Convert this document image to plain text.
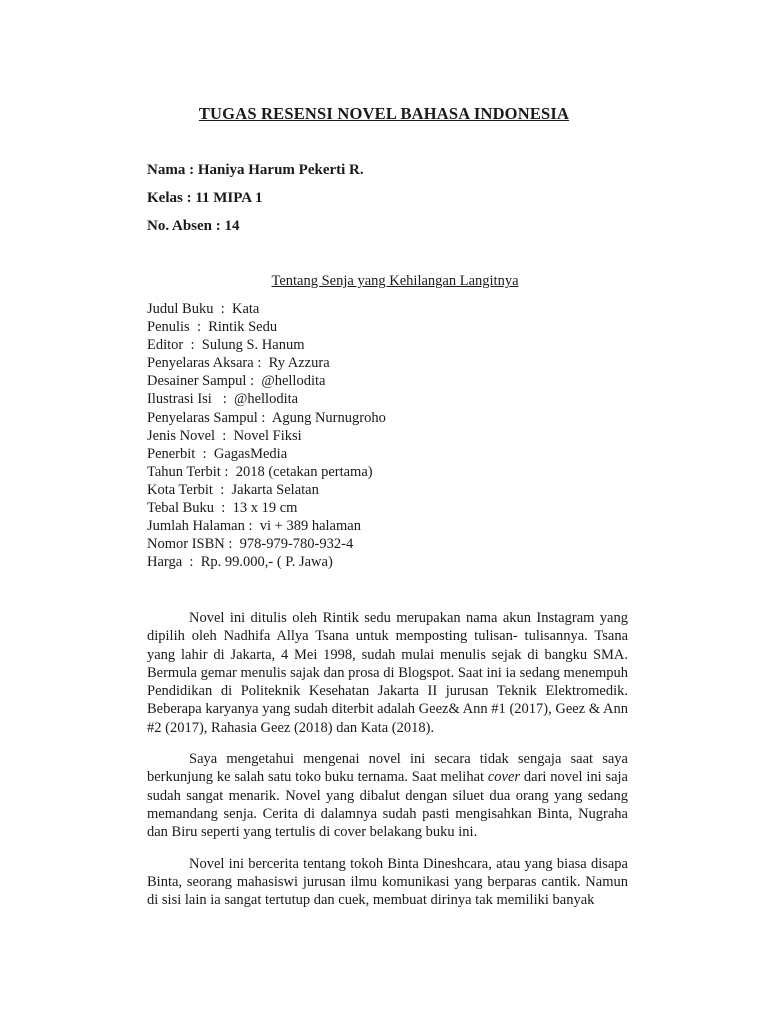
TUGAS RESENSI NOVEL BAHASA INDONESIA
Nama : Haniya Harum Pekerti R.
Kelas : 11 MIPA 1
No. Absen : 14
Tentang Senja yang Kehilangan Langitnya
Judul Buku  :  Kata
Penulis  :  Rintik Sedu
Editor  :  Sulung S. Hanum
Penyelaras Aksara :  Ry Azzura
Desainer Sampul :  @hellodita
Ilustrasi Isi   :  @hellodita
Penyelaras Sampul :  Agung Nurnugroho
Jenis Novel  :  Novel Fiksi
Penerbit  :  GagasMedia
Tahun Terbit :  2018 (cetakan pertama)
Kota Terbit  :  Jakarta Selatan
Tebal Buku  :  13 x 19 cm
Jumlah Halaman :  vi + 389 halaman
Nomor ISBN :  978-979-780-932-4
Harga  :  Rp. 99.000,- ( P. Jawa)

Novel ini ditulis oleh Rintik sedu merupakan nama akun Instagram yang dipilih oleh Nadhifa Allya Tsana untuk memposting tulisan- tulisannya. Tsana yang lahir di Jakarta, 4 Mei 1998, sudah mulai menulis sejak di bangku SMA. Bermula gemar menulis sajak dan prosa di Blogspot. Saat ini ia sedang menempuh Pendidikan di Politeknik Kesehatan Jakarta II jurusan Teknik Elektromedik. Beberapa karyanya yang sudah diterbit adalah Geez& Ann #1 (2017), Geez & Ann #2 (2017), Rahasia Geez (2018) dan Kata (2018).

Saya mengetahui mengenai novel ini secara tidak sengaja saat saya berkunjung ke salah satu toko buku ternama. Saat melihat cover dari novel ini saja sudah sangat menarik. Novel yang dibalut dengan siluet dua orang yang sedang memandang senja. Cerita di dalamnya sudah pasti mengisahkan Binta, Nugraha dan Biru seperti yang tertulis di cover belakang buku ini.

Novel ini bercerita tentang tokoh Binta Dineshcara, atau yang biasa disapa Binta, seorang mahasiswi jurusan ilmu komunikasi yang berparas cantik. Namun di sisi lain ia sangat tertutup dan cuek, membuat dirinya tak memiliki banyak
